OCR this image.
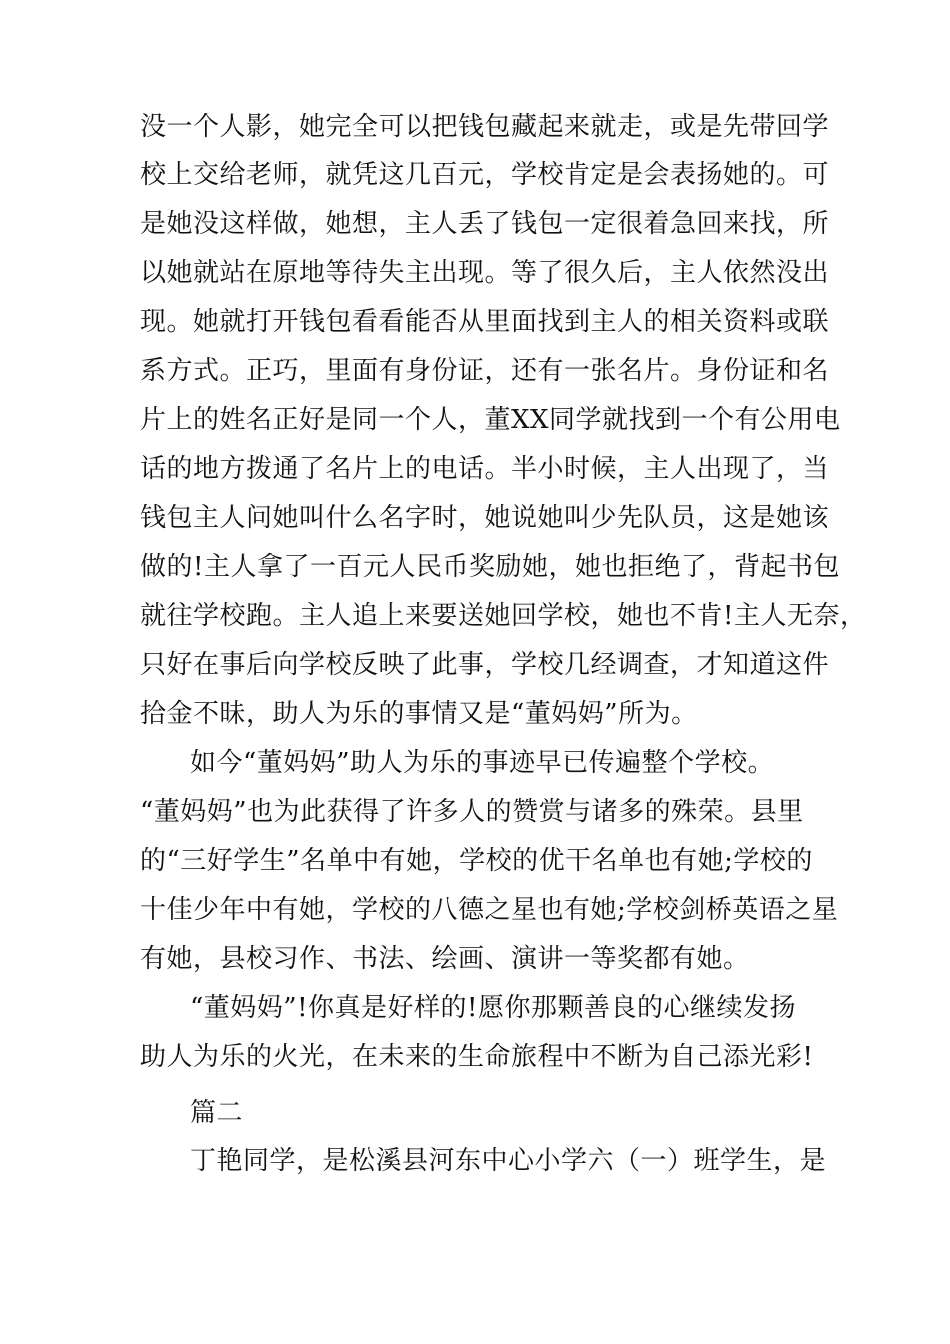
没一个人影，她完全可以把钱包藏起来就走，或是先带回学
校上交给老师，就凭这几百元，学校肯定是会表扬她的。可
是她没这样做，她想，主人丢了钱包一定很着急回来找，所
以她就站在原地等待失主出现。等了很久后，主人依然没出
现。她就打开钱包看看能否从里面找到主人的相关资料或联
系方式。正巧，里面有身份证，还有一张名片。身份证和名
片上的姓名正好是同一个人，董XX同学就找到一个有公用电
话的地方拨通了名片上的电话。半小时候，主人出现了，当
钱包主人问她叫什么名字时，她说她叫少先队员，这是她该
做的!主人拿了一百元人民币奖励她，她也拒绝了，背起书包
就往学校跑。主人追上来要送她回学校，她也不肯!主人无奈，
只好在事后向学校反映了此事，学校几经调查，才知道这件
拾金不昧，助人为乐的事情又是“董妈妈”所为。
如今“董妈妈”助人为乐的事迹早已传遍整个学校。
“董妈妈”也为此获得了许多人的赞赏与诸多的殊荣。县里
的“三好学生”名单中有她，学校的优干名单也有她;学校的
十佳少年中有她，学校的八德之星也有她;学校剑桥英语之星
有她，县校习作、书法、绘画、演讲一等奖都有她。
“董妈妈”!你真是好样的!愿你那颗善良的心继续发扬
助人为乐的火光，在未来的生命旅程中不断为自己添光彩!
篇二
丁艳同学，是松溪县河东中心小学六（一）班学生，是
